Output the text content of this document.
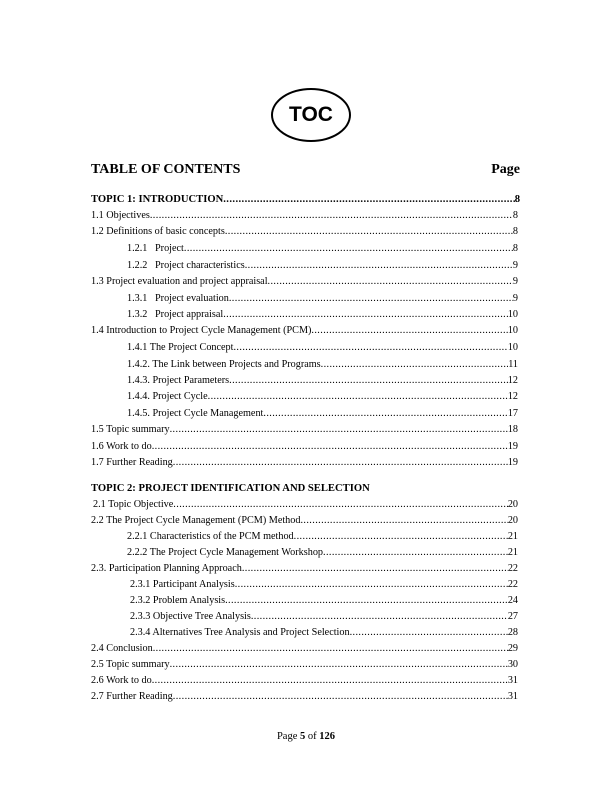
TOC
TABLE OF CONTENTS	Page
TOPIC 1: INTRODUCTION .....	8
1.1 Objectives .....	8
1.2 Definitions of basic concepts .....	8
1.2.1   Project .....	8
1.2.2   Project characteristics .....	9
1.3 Project evaluation and project appraisal .....	9
1.3.1   Project evaluation .....	9
1.3.2   Project appraisal .....	10
1.4 Introduction to Project Cycle Management (PCM) .....	10
1.4.1 The Project Concept .....	10
1.4.2. The Link between Projects and Programs .....	11
1.4.3. Project Parameters .....	12
1.4.4. Project Cycle .....	12
1.4.5. Project Cycle Management .....	17
1.5 Topic summary .....	18
1.6 Work to do .....	19
1.7 Further Reading .....	19
TOPIC 2: PROJECT IDENTIFICATION AND SELECTION
2.1 Topic Objective .....	20
2.2 The Project Cycle Management (PCM) Method .....	20
2.2.1 Characteristics of the PCM method .....	21
2.2.2 The Project Cycle Management Workshop .....	21
2.3. Participation Planning Approach .....	22
2.3.1 Participant Analysis .....	22
2.3.2 Problem Analysis .....	24
2.3.3 Objective Tree Analysis .....	27
2.3.4 Alternatives Tree Analysis and Project Selection .....	28
2.4 Conclusion .....	29
2.5 Topic summary .....	30
2.6 Work to do .....	31
2.7 Further Reading .....	31
Page 5 of 126
